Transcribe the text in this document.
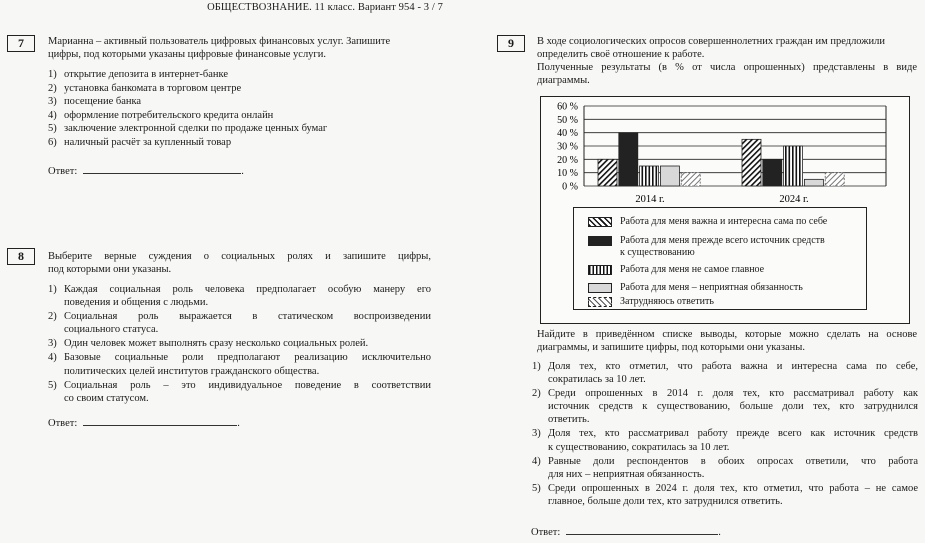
ОБЩЕСТВОЗНАНИЕ. 11 класс. Вариант 954 - 3 / 7
7	Марианна – активный пользователь цифровых финансовых услуг. Запишите
цифры, под которыми указаны цифровые финансовые услуги.
1) открытие депозита в интернет-банке
2) установка банкомата в торговом центре
3) посещение банка
4) оформление потребительского кредита онлайн
5) заключение электронной сделки по продаже ценных бумаг
6) наличный расчёт за купленный товар
Ответ:	.
8	Выберите верные суждения о социальных ролях и запишите цифры,
под которыми они указаны.
1) Каждая социальная роль человека предполагает особую манеру его
поведения и общения с людьми.
2) Социальная роль выражается в статическом воспроизведении
социального статуса.
3) Один человек может выполнять сразу несколько социальных ролей.
4) Базовые социальные роли предполагают реализацию исключительно
политических целей институтов гражданского общества.
5) Социальная роль – это индивидуальное поведение в соответствии
со своим статусом.
Ответ:	.
9	В ходе социологических опросов совершеннолетних граждан им предложили
определить своё отношение к работе.
Полученные результаты (в % от числа опрошенных) представлены в виде
диаграммы.
0 %
10 %
20 %
30 %
40 %
50 %
60 %
2014 г.	2024 г.
Работа для меня важна и интересна сама по себе
Работа для меня прежде всего источник средств
к существованию
Работа для меня не самое главное
Работа для меня – неприятная обязанность
Затрудняюсь ответить
Найдите в приведённом списке выводы, которые можно сделать на основе
диаграммы, и запишите цифры, под которыми они указаны.
1) Доля тех, кто отметил, что работа важна и интересна сама по себе,
сократилась за 10 лет.
2) Среди опрошенных в 2014 г. доля тех, кто рассматривал работу как
источник средств к существованию, больше доли тех, кто затруднился
ответить.
3) Доля тех, кто рассматривал работу прежде всего как источник средств
к существованию, сократилась за 10 лет.
4) Равные доли респондентов в обоих опросах ответили, что работа
для них – неприятная обязанность.
5) Среди опрошенных в 2024 г. доля тех, кто отметил, что работа – не самое
главное, больше доли тех, кто затруднился ответить.
Ответ:	.
